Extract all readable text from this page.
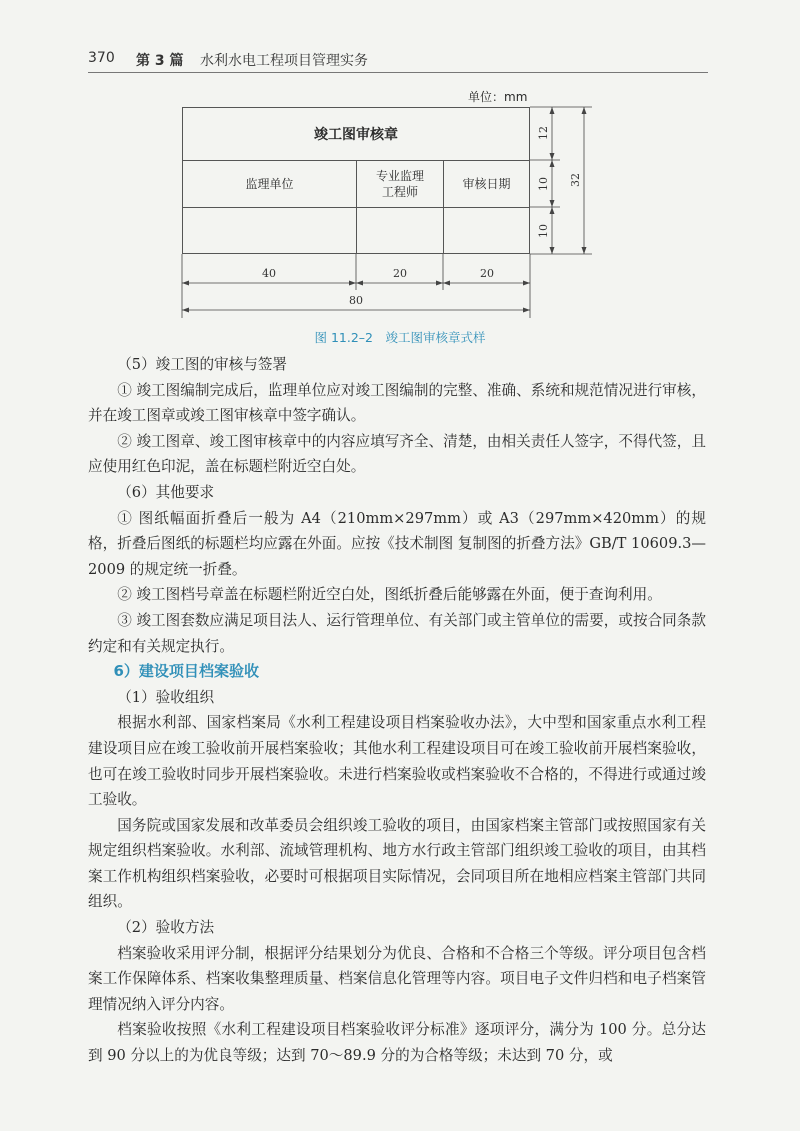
370 第 3 篇 水利水电工程项目管理实务
单位：mm
竣工图审核章
监理单位
专业监理
工程师
审核日期
40	20	20
80
12
10
10
32
图 11.2–2　竣工图审核章式样

（5）竣工图的审核与签署

① 竣工图编制完成后，监理单位应对竣工图编制的完整、准确、系统和规范情况进行审核，并在竣工图章或竣工图审核章中签字确认。

② 竣工图章、竣工图审核章中的内容应填写齐全、清楚，由相关责任人签字，不得代签，且应使用红色印泥，盖在标题栏附近空白处。

（6）其他要求

① 图纸幅面折叠后一般为 A4（210mm×297mm）或 A3（297mm×420mm）的规格，折叠后图纸的标题栏均应露在外面。应按《技术制图 复制图的折叠方法》GB/T 10609.3—2009 的规定统一折叠。

② 竣工图档号章盖在标题栏附近空白处，图纸折叠后能够露在外面，便于查询利用。

③ 竣工图套数应满足项目法人、运行管理单位、有关部门或主管单位的需要，或按合同条款约定和有关规定执行。

6）建设项目档案验收

（1）验收组织

根据水利部、国家档案局《水利工程建设项目档案验收办法》，大中型和国家重点水利工程建设项目应在竣工验收前开展档案验收；其他水利工程建设项目可在竣工验收前开展档案验收，也可在竣工验收时同步开展档案验收。未进行档案验收或档案验收不合格的，不得进行或通过竣工验收。

国务院或国家发展和改革委员会组织竣工验收的项目，由国家档案主管部门或按照国家有关规定组织档案验收。水利部、流域管理机构、地方水行政主管部门组织竣工验收的项目，由其档案工作机构组织档案验收，必要时可根据项目实际情况，会同项目所在地相应档案主管部门共同组织。

（2）验收方法

档案验收采用评分制，根据评分结果划分为优良、合格和不合格三个等级。评分项目包含档案工作保障体系、档案收集整理质量、档案信息化管理等内容。项目电子文件归档和电子档案管理情况纳入评分内容。

档案验收按照《水利工程建设项目档案验收评分标准》逐项评分，满分为 100 分。总分达到 90 分以上的为优良等级；达到 70～89.9 分的为合格等级；未达到 70 分，或
